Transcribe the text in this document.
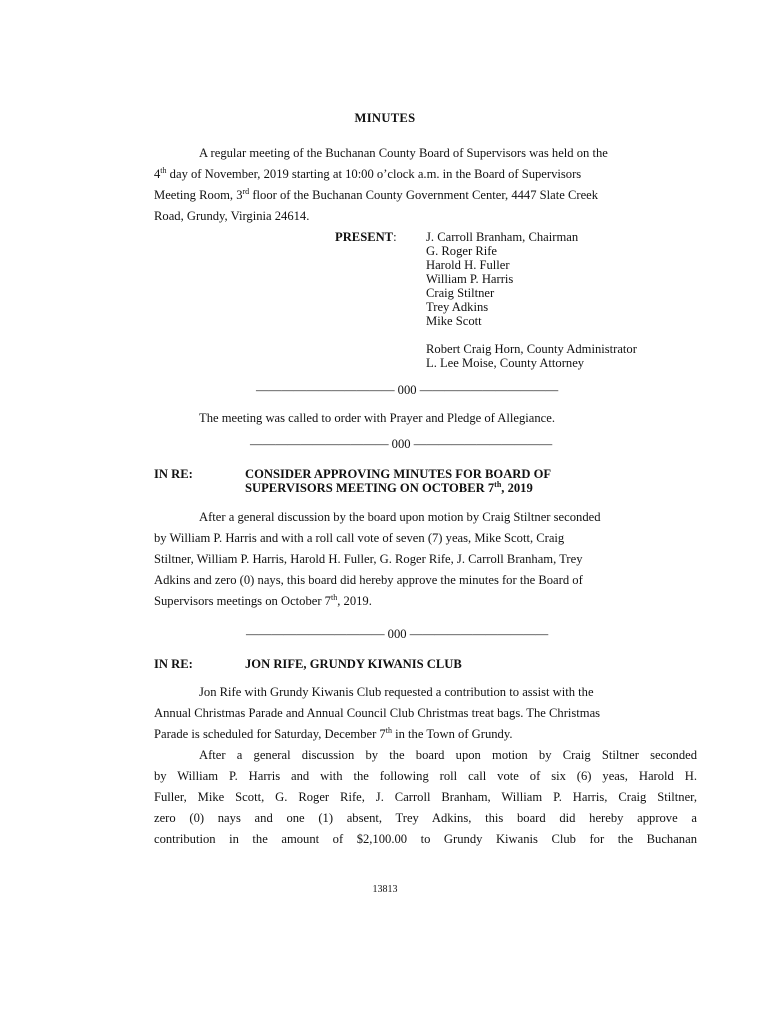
MINUTES
A regular meeting of the Buchanan County Board of Supervisors was held on the
4th day of November, 2019 starting at 10:00 o’clock a.m. in the Board of Supervisors
Meeting Room, 3rd floor of the Buchanan County Government Center, 4447 Slate Creek
Road, Grundy, Virginia 24614.
PRESENT: J. Carroll Branham, Chairman
G. Roger Rife
Harold H. Fuller
William P. Harris
Craig Stiltner
Trey Adkins
Mike Scott
Robert Craig Horn, County Administrator
L. Lee Moise, County Attorney
——————————— 000 ———————————
The meeting was called to order with Prayer and Pledge of Allegiance.
——————————— 000 ———————————
IN RE:	CONSIDER APPROVING MINUTES FOR BOARD OF
SUPERVISORS MEETING ON OCTOBER 7th, 2019
After a general discussion by the board upon motion by Craig Stiltner seconded
by William P. Harris and with a roll call vote of seven (7) yeas, Mike Scott, Craig
Stiltner, William P. Harris, Harold H. Fuller, G. Roger Rife, J. Carroll Branham, Trey
Adkins and zero (0) nays, this board did hereby approve the minutes for the Board of
Supervisors meetings on October 7th, 2019.
——————————— 000 ———————————
IN RE:	JON RIFE, GRUNDY KIWANIS CLUB
Jon Rife with Grundy Kiwanis Club requested a contribution to assist with the
Annual Christmas Parade and Annual Council Club Christmas treat bags. The Christmas
Parade is scheduled for Saturday, December 7th in the Town of Grundy.
After a general discussion by the board upon motion by Craig Stiltner seconded
by William P. Harris and with the following roll call vote of six (6) yeas, Harold H.
Fuller, Mike Scott, G. Roger Rife, J. Carroll Branham, William P. Harris, Craig Stiltner,
zero (0) nays and one (1) absent, Trey Adkins, this board did hereby approve a
contribution in the amount of $2,100.00 to Grundy Kiwanis Club for the Buchanan
13813
